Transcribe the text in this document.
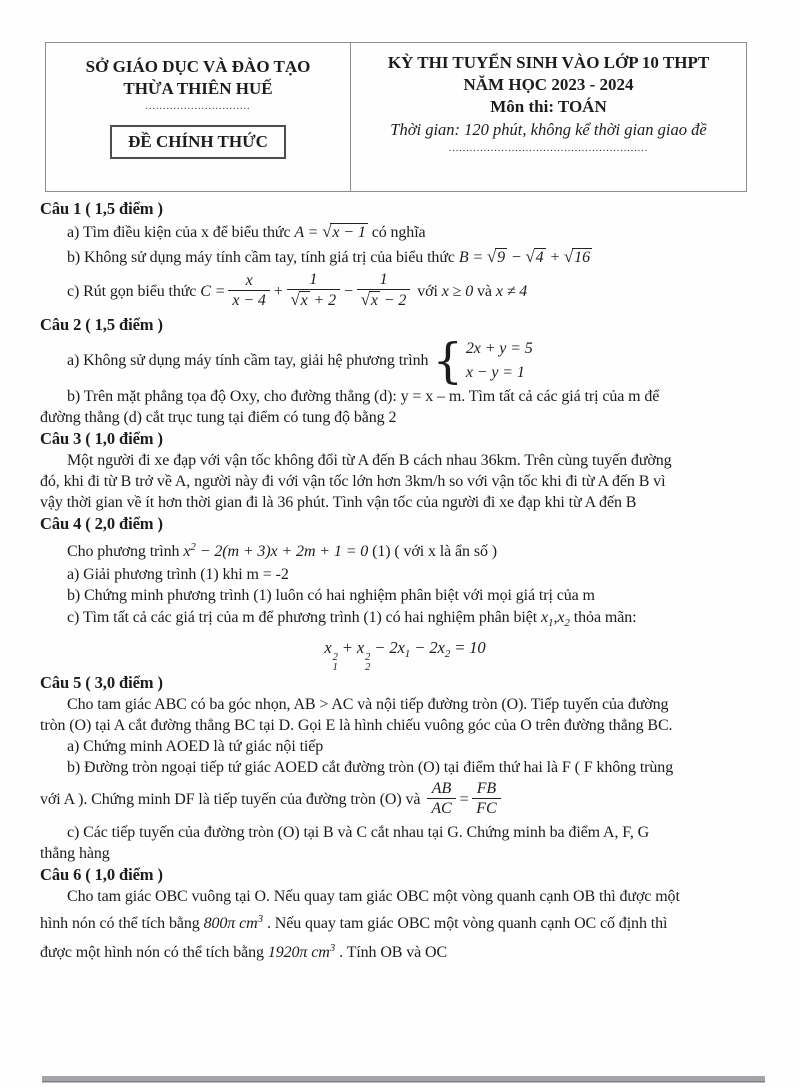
SỞ GIÁO DỤC VÀ ĐÀO TẠO
THỪA THIÊN HUẾ
..............................
ĐỀ CHÍNH THỨC
KỲ THI TUYỂN SINH VÀO LỚP 10 THPT
NĂM HỌC 2023 - 2024
Môn thi: TOÁN
Thời gian: 120 phút, không kể thời gian giao đề
.........................................................
Câu 1 ( 1,5 điểm )
a) Tìm điều kiện của x để biểu thức A = √x − 1 có nghĩa
b) Không sử dụng máy tính cầm tay, tính giá trị của biểu thức B = √9 − √4 + √16
c) Rút gọn biểu thức $C = \frac{x}{x - 4} + \frac{1}{√x + 2} - \frac{1}{√x - 2}$ với x ≥ 0 và x ≠ 4
Câu 2 ( 1,5 điểm )
a) Không sử dụng máy tính cầm tay, giải hệ phương trình { 2x + y = 5
x − y = 1
b) Trên mặt phẳng tọa độ Oxy, cho đường thẳng (d): y = x – m. Tìm tất cả các giá trị của m để
đường thẳng (d) cắt trục tung tại điểm có tung độ bằng 2
Câu 3 ( 1,0 điểm )
Một người đi xe đạp với vận tốc không đổi từ A đến B cách nhau 36km. Trên cùng tuyến đường
đó, khi đi từ B trở về A, người này đi với vận tốc lớn hơn 3km/h so với vận tốc khi đi từ A đến B vì
vậy thời gian về ít hơn thời gian đi là 36 phút. Tình vận tốc của người đi xe đạp khi từ A đến B
Câu 4 ( 2,0 điểm )
Cho phương trình $x^2 - 2(m + 3)x + 2m + 1 = 0$ (1) ( với x là ẩn số )
a) Giải phương trình (1) khi m = -2
b) Chứng minh phương trình (1) luôn có hai nghiệm phân biệt với mọi giá trị của m
c) Tìm tất cả các giá trị của m để phương trình (1) có hai nghiệm phân biệt $x_1,x_2$ thỏa mãn:
x
2
1
+ x
2
2
− $2x_1 - 2x_2 = 10$
Câu 5 ( 3,0 điểm )
Cho tam giác ABC có ba góc nhọn, AB > AC và nội tiếp đường tròn (O). Tiếp tuyến của đường
tròn (O) tại A cắt đường thẳng BC tại D. Gọi E là hình chiếu vuông góc của O trên đường thẳng BC.
a) Chứng minh AOED là tứ giác nội tiếp
b) Đường tròn ngoại tiếp tứ giác AOED cắt đường tròn (O) tại điểm thứ hai là F ( F không trùng
với A ). Chứng minh DF là tiếp tuyến của đường tròn (O) và $\frac{AB}{AC} = \frac{FB}{FC}$
c) Các tiếp tuyến của đường tròn (O) tại B và C cắt nhau tại G. Chứng minh ba điểm A, F, G
thẳng hàng
Câu 6 ( 1,0 điểm )
Cho tam giác OBC vuông tại O. Nếu quay tam giác OBC một vòng quanh cạnh OB thì được một
hình nón có thể tích bằng 800π $cm^3$ . Nếu quay tam giác OBC một vòng quanh cạnh OC cố định thì
được một hình nón có thể tích bằng 1920π $cm^3$ . Tính OB và OC
